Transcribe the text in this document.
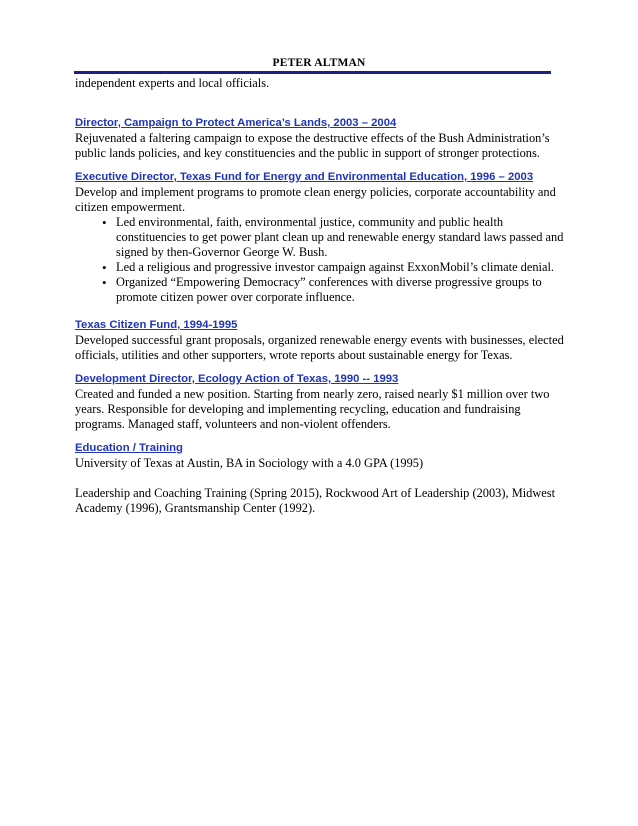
PETER ALTMAN

independent experts and local officials.

Director, Campaign to Protect America’s Lands, 2003 – 2004

Rejuvenated a faltering campaign to expose the destructive effects of the Bush Administration’s public lands policies, and key constituencies and the public in support of stronger protections.

Executive Director, Texas Fund for Energy and Environmental Education, 1996 – 2003

Develop and implement programs to promote clean energy policies, corporate accountability and citizen empowerment.

• Led environmental, faith, environmental justice, community and public health constituencies to get power plant clean up and renewable energy standard laws passed and signed by then-Governor George W. Bush.
• Led a religious and progressive investor campaign against ExxonMobil’s climate denial.
• Organized “Empowering Democracy” conferences with diverse progressive groups to promote citizen power over corporate influence.
Texas Citizen Fund, 1994-1995

Developed successful grant proposals, organized renewable energy events with businesses, elected officials, utilities and other supporters, wrote reports about sustainable energy for Texas.

Development Director, Ecology Action of Texas, 1990 -- 1993

Created and funded a new position. Starting from nearly zero, raised nearly $1 million over two years. Responsible for developing and implementing recycling, education and fundraising programs. Managed staff, volunteers and non-violent offenders.

Education / Training

University of Texas at Austin, BA in Sociology with a 4.0 GPA (1995)

Leadership and Coaching Training (Spring 2015), Rockwood Art of Leadership (2003), Midwest Academy (1996), Grantsmanship Center (1992).
